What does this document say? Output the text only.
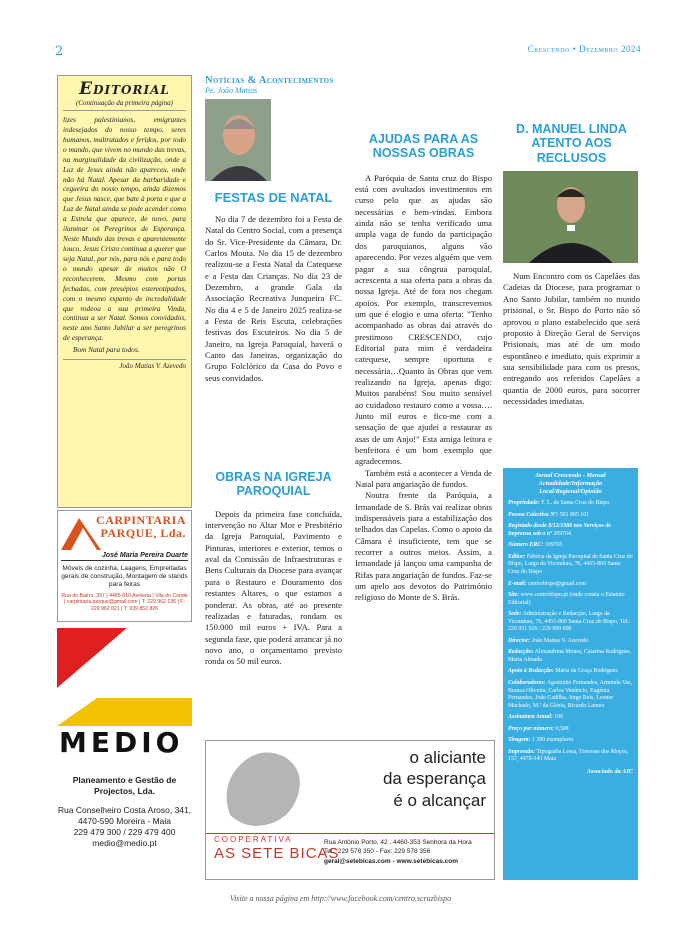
2	Crescendo • Dezembro 2024
Editorial
(Continuação da primeira página)
lizes palestinianos, emigrantes indesejados do nosso tempo, seres humanos, maltratados e feridos, por todo o mundo, que vivem no mundo das trevas, na marginalidade da civilização, onde a Luz de Jesus ainda não apareceu, onde não há Natal. Apesar da barbaridade e cegueira do nosso tempo, ainda dizemos que Jesus nasce, que bate à porta e que a Luz de Natal ainda se pode acender como a Estrela que aparece, de novo, para iluminar os Peregrinos de Esperança. Neste Mundo das trevas e aparentemente louco, Jesus Cristo continua a querer que seja Natal, por nós, para nós e para todo o mundo apesar de muitos não O reconhecerem. Mesmo com portas fechadas, com presépios estereotipados, com o mesmo espanto de incredulidade que rodeou a sua primeira Vinda, continua a ser Natal. Somos convidados, neste ano Santo Jubilar a ser peregrinos de esperança.
Bom Natal para todos.
João Matias V. Azevedo
CARPINTARIA
PARQUE, Lda.
José Maria Pereira Duarte
Móveis de cozinha, Laagens, Empreitadas gerais de construção, Montagem de stands para feiras
Rua do Bairro, 397 | 4485-010 Aveleda | Vila do Conde | carpintaria.parque@gmail.com | T: 229 962 136 | F: 229 962 021 | T: 939 852 826
MEDIO
Planeamento e Gestão de Projectos, Lda.
Rua Conselheiro Costa Aroso, 341, 4470-590 Moreira - Maia
229 479 300 / 229 479 400
medio@medio.pt
Notícias & Acontecimentos
Pe. João Matias
FESTAS DE NATAL

No dia 7 de dezembro foi a Festa de Natal do Centro Social, com a presença do Sr. Vice-Presidente da Câmara, Dr. Carlos Mouta. No dia 15 de dezembro realizou-se a Festa Natal da Catequese e a Festa das Crianças. No dia 23 de Dezembro, a grande Gala da Associação Recreativa Junqueira FC. No dia 4 e 5 de Janeiro 2025 realiza-se a Festa de Reis Escuta, celebrações festivas dos Escuteiros. No dia 5 de Janeiro, na Igreja Paroquial, haverá o Canto das Janeiras, organização do Grupo Folclórico da Casa do Povo e seus convidados.

OBRAS NA IGREJA PAROQUIAL

Depois da primeira fase concluída, intervenção no Altar Mor e Presbitério da Igreja Paroquial, Pavimento e Pinturas, interiores e exterior, temos o aval da Comissão de Infraestruturas e Bens Culturais da Diocese para avançar para o Restauro e Douramento dos restantes Altares, o que estamos a ponderar. As obras, até ao presente realizadas e faturadas, rondam os 150.000 mil euros + IVA. Para a segunda fase, que poderá arrancar já no novo ano, o orçamentamo previsto ronda os 50 mil euros.

AJUDAS PARA AS NOSSAS OBRAS

A Paróquia de Santa cruz do Bispo está com avultados investimentos em curso pelo que as ajudas são necessárias e bem-vindas. Embora ainda não se tenha verificado uma ampla vaga de fundo da participação dos paroquianos, alguns vão aparecendo. Por vezes alguém que vem pagar a sua côngrua paroquial, acrescenta a sua oferta para a obras da nossa Igreja. Até de fora nos chegam apoios. Por exemplo, transcrevemos um que é elogio e uma oferta: "Tenho acompanhado as obras daí através do prestimoso CRESCENDO, cujo Editorial para mim é verdadeira catequese, sempre oportuna e necessária…Quanto às Obras que vem realizando na Igreja, apenas digo: Muitos parabéns! Sou muito sensível ao cuidadoso restauro como a vossa…. Junto mil euros e fico-me com a sensação de que ajudei a restaurar as asas de um Anjo!" Esta amiga leitora e benfeitora é um bom exemplo que agradecemos.

Também está a acontecer a Venda de Natal para angariação de fundos.

Noutra frente da Paróquia, a Irmandade de S. Brás vai realizar obras indispensáveis para a estabilização dos telhados das Capelas. Como o apoio da Câmara é insuficiente, tem que se recorrer a outros meios. Assim, a Irmandade já lançou uma campanha de Rifas para angariação de fundos. Faz-se um apelo aos devotos do Património religioso do Monte de S. Brás.

D. MANUEL LINDA ATENTO AOS RECLUSOS

Num Encontro com os Capelães das Cadeias da Diocese, para programar o Ano Santo Jubilar, também no mundo prisional, o Sr. Bispo do Porto não só aprovou o plano estabelecido que será proposto à Direção Geral de Serviços Prisionais, mas até de um modo espontâneo e imediato, quis exprimir a sua sensibilidade para com os presos, entregando aos referidos Capelães a quantia de 2000 euros, para socorrer necessidades imediatas.

Jornal Crescendo - Mensal Actualidade/Informação Local/Regional/Opinião
Propriedade: F. L. de Santa Cruz do Bispo
Pessoa Colectiva Nº: 501 865 101
Registado desde 8/12/1986 nos Serviços de Imprensa sob o nº 209764
Número ERC: 109765
Editor: Fábrica da Igreja Paroquial de Santa Cruz do Bispo, Largo da Vicondura, 76, 4455-860 Santa Cruz do Bispo
E-mail: centrobispo@gmail.com
Site: www.centrobispo.pt (onde consta o Estatuto Editorial)
Sede: Administração e Redacção, Largo da Vicondura, 76, 4455-860 Santa Cruz do Bispo, Tel.: 229 951 026 / 229 999 600
Director: João Matias V. Azevedo
Redacção: Alexandrina Moura, Catarina Rodrigues, Marta Almada
Apoio à Redacção: Maria da Graça Rodrigues
Colaboradores: Agostinho Fernandes, Arminda Vaz, Branca Oliveira, Carlos Venâncio, Eugénia Fernandes, João Cadilha, Jorge Reis, Leonor Machado, M.ª da Glória, Ricardo Lameu
Assinatura Anual: 10€
Preço por número: 0,50€
Tiragem: 1 300 exemplares
Impressão: Tipografia Lessa, Travessa dos Moços, 157, 4470-343 Maia
Associado da AIC
o aliciante
da esperança
é o alcançar
COOPERATIVA
AS SETE BICAS
Rua António Porto, 42 . 4460-353 Senhora da Hora
Tel.: 229 578 350 - Fax: 229 578 356
geral@setebicas.com - www.setebicas.com
Visite a nossa página em http://www.facebook.com/centro.scruzbispo
